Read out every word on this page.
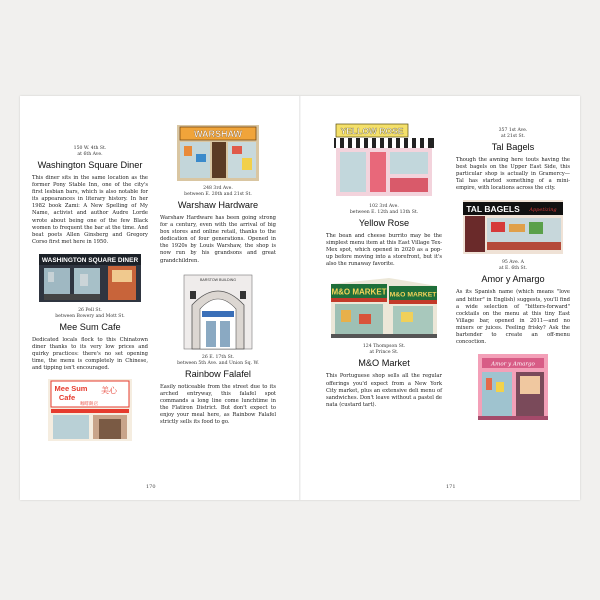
150 W. 4th St.

at 6th Ave.

Washington Square Diner

This diner sits in the same location as the former Pony Stable Inn, one of the city's first lesbian bars, which is also notable for its appearances in literary history. In her 1982 book Zami: A New Spelling of My Name, activist and author Audre Lorde wrote about being one of the few Black women to frequent the bar at the time. And beat poets Allen Ginsberg and Gregory Corso first met here in 1950.

WASHINGTON SQUARE DINER

26 Pell St.

between Bowery and Mott St.

Mee Sum Cafe

Dedicated locals flock to this Chinatown diner thanks to its very low prices and quirky practices: there's no set opening time, the menu is completely in Chinese, and tipping isn't encouraged.

Mee Sum
Cafe
美心
咖啡餅店
WARSHAW

248 3rd Ave.

between E. 20th and 21st St.

Warshaw Hardware

Warshaw Hardware has been going strong for a century, even with the arrival of big box stores and online retail, thanks to the dedication of four generations. Opened in the 1920s by Louis Warshaw, the shop is now run by his grandsons and great grandchildren.

BARSTOW BUILDING

26 E. 17th St.

between 5th Ave. and Union Sq. W.

Rainbow Falafel

Easily noticeable from the street due to its arched entryway, this falafel spot commands a long line come lunchtime in the Flatiron District. But don't expect to enjoy your meal here, as Rainbow Falafel strictly sells its food to go.

YELLOW ROSE

102 3rd Ave.

between E. 12th and 13th St.

Yellow Rose

The bean and cheese burrito may be the simplest menu item at this East Village Tex-Mex spot, which opened in 2020 as a pop-up before moving into a storefront, but it's also the runaway favorite.

M&O MARKET M&O MARKET

124 Thompson St.

at Prince St.

M&O Market

This Portuguese shop sells all the regular offerings you'd expect from a New York City market, plus an extensive deli menu of sandwiches. Don't leave without a pastel de nata (custard tart).

357 1st Ave.

at 21st St.

Tal Bagels

Though the awning here touts having the best bagels on the Upper East Side, this particular shop is actually in Gramercy—Tal has started something of a mini-empire, with locations across the city.

TAL BAGELS Appetizing

95 Ave. A

at E. 6th St.

Amor y Amargo

As its Spanish name (which means "love and bitter" in English) suggests, you'll find a wide selection of "bitters-forward" cocktails on the menu at this tiny East Village bar, opened in 2011—and no mixers or juices. Feeling frisky? Ask the bartender to create an off-menu concoction.

Amor y Amargo
170	171
